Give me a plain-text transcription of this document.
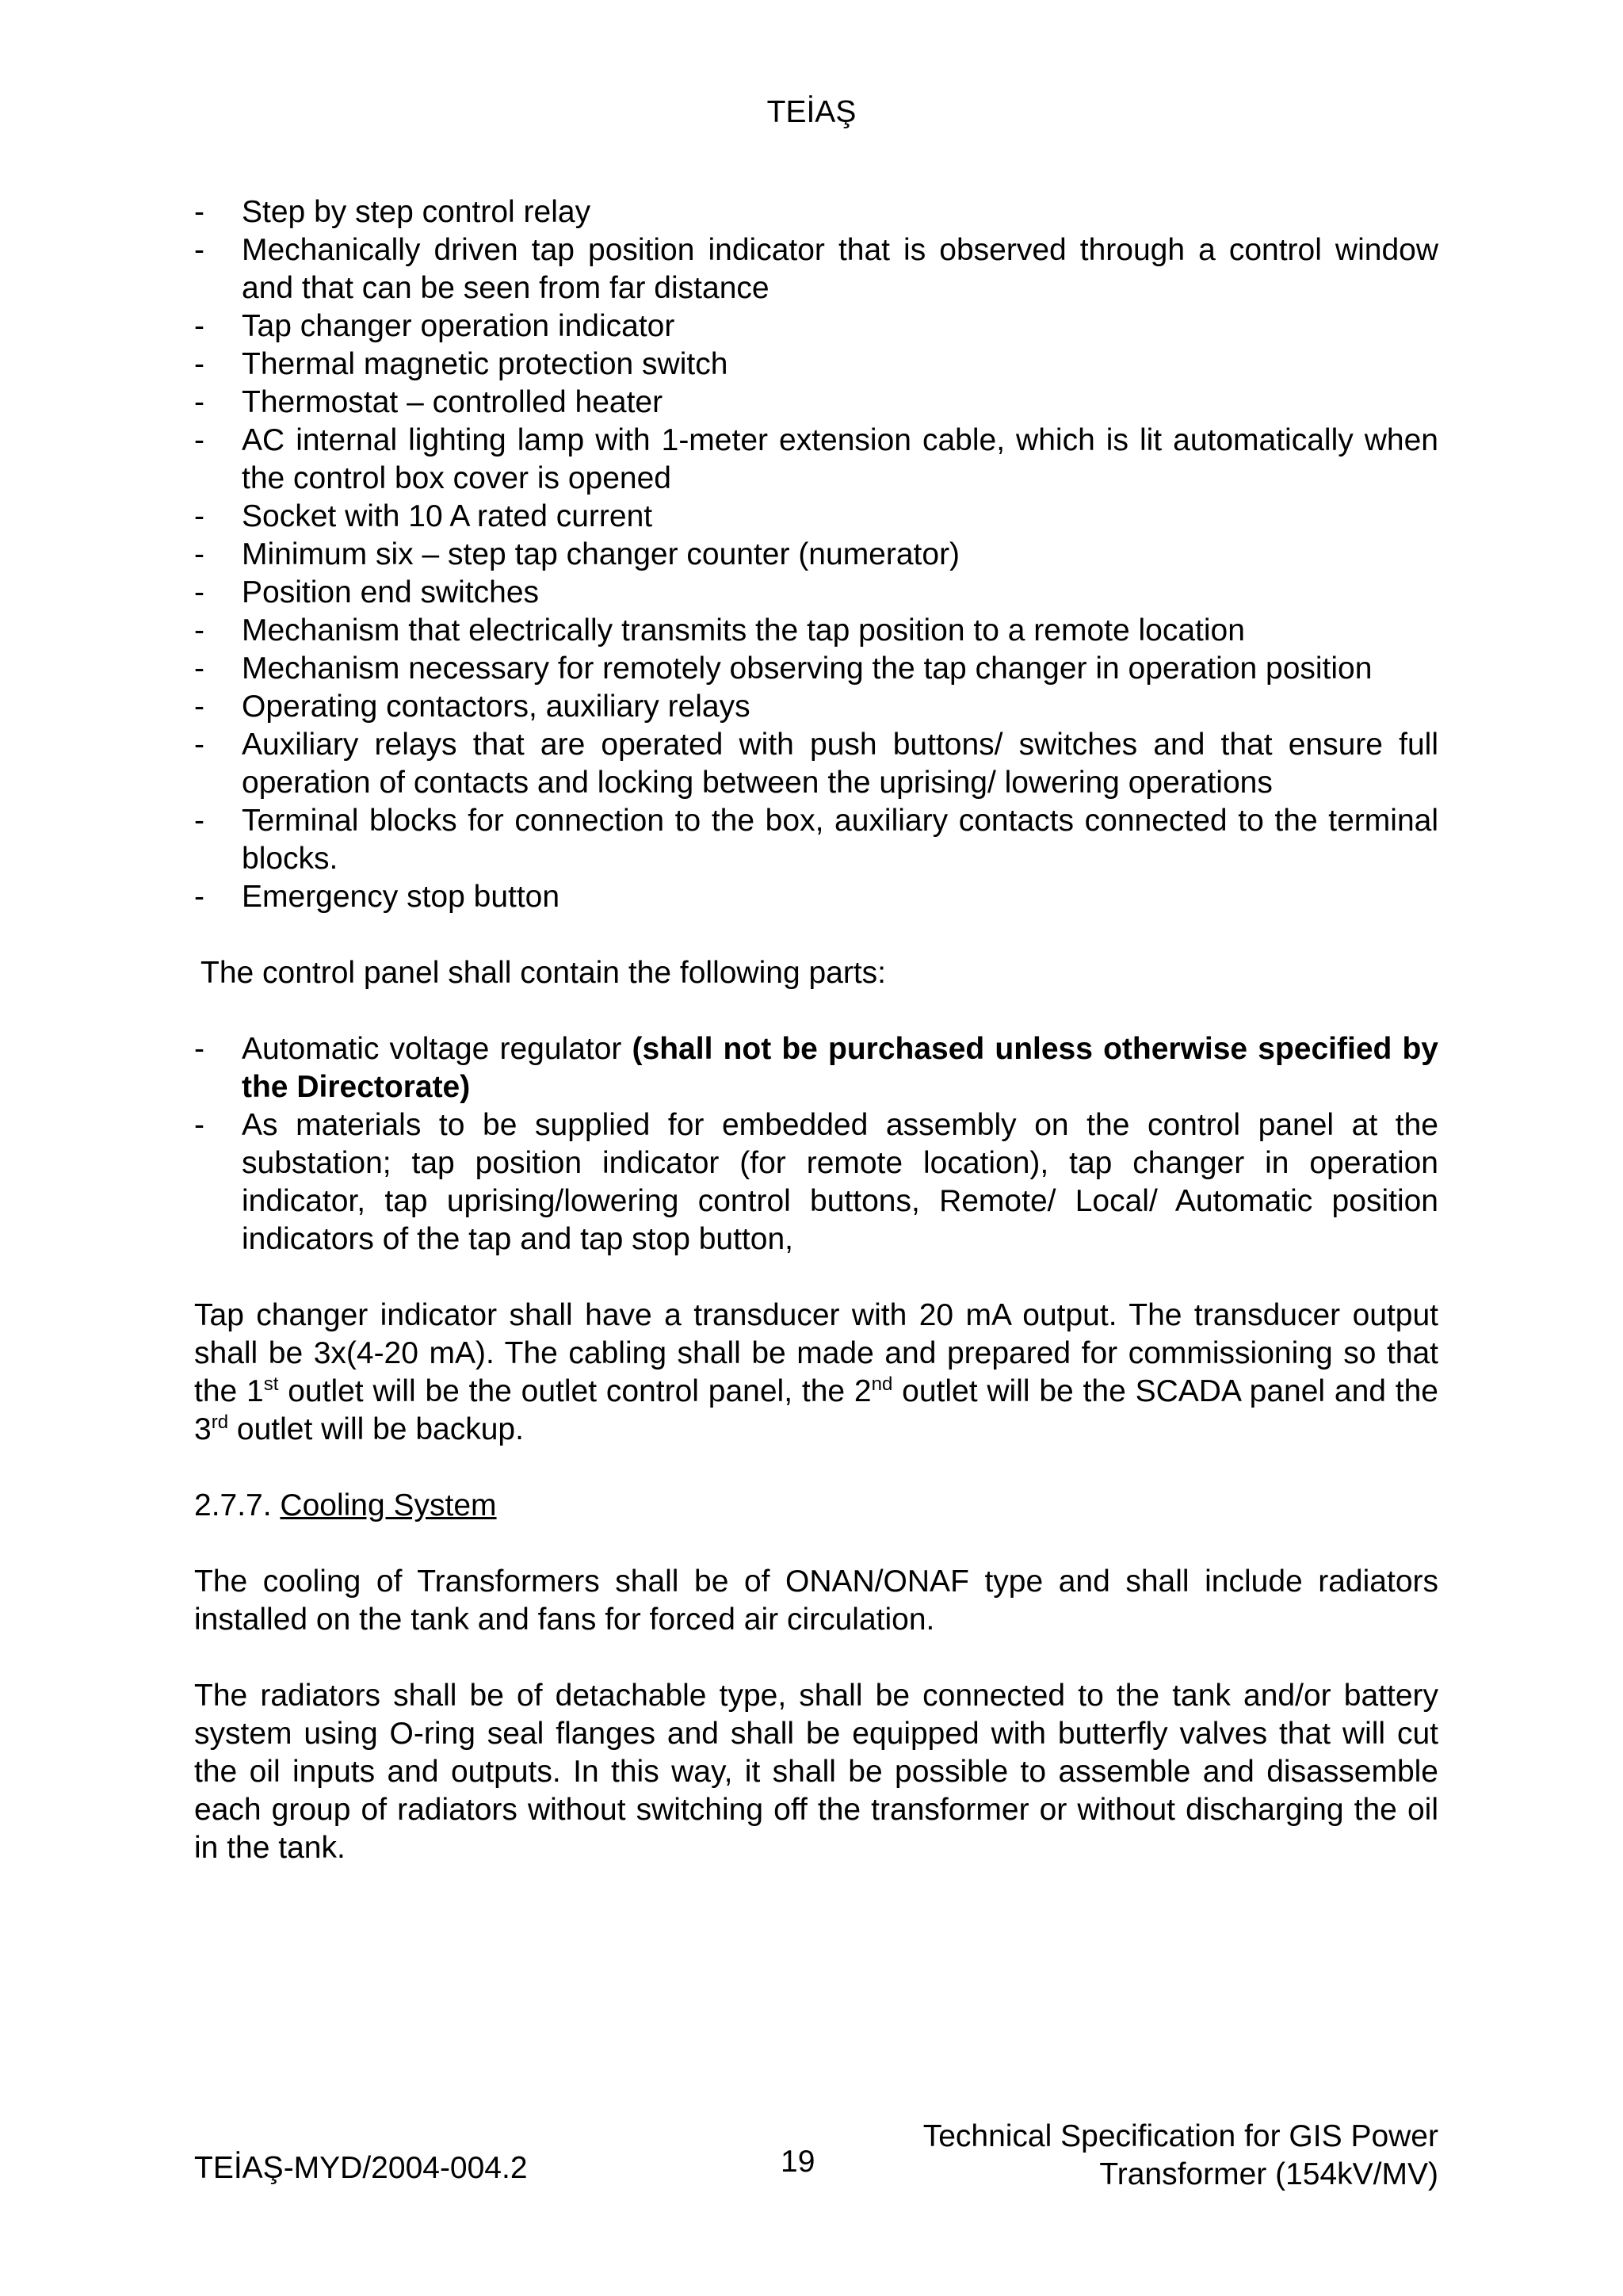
TEİAŞ
- Step by step control relay
- Mechanically driven tap position indicator that is observed through a control window and that can be seen from far distance
- Tap changer operation indicator
- Thermal magnetic protection switch
- Thermostat – controlled heater
- AC internal lighting lamp with 1-meter extension cable, which is lit automatically when the control box cover is opened
- Socket with 10 A rated current
- Minimum six – step tap changer counter (numerator)
- Position end switches
- Mechanism that electrically transmits the tap position to a remote location
- Mechanism necessary for remotely observing the tap changer in operation position
- Operating contactors, auxiliary relays
- Auxiliary relays that are operated with push buttons/ switches and that ensure full operation of contacts and locking between the uprising/ lowering operations
- Terminal blocks for connection to the box, auxiliary contacts connected to the terminal blocks.
- Emergency stop button

The control panel shall contain the following parts:

- Automatic voltage regulator (shall not be purchased unless otherwise specified by the Directorate)
- As materials to be supplied for embedded assembly on the control panel at the substation; tap position indicator (for remote location), tap changer in operation indicator, tap uprising/lowering control buttons, Remote/ Local/ Automatic position indicators of the tap and tap stop button,

Tap changer indicator shall have a transducer with 20 mA output. The transducer output shall be 3x(4-20 mA). The cabling shall be made and prepared for commissioning so that the 1st outlet will be the outlet control panel, the 2nd outlet will be the SCADA panel and the 3rd outlet will be backup.

2.7.7. Cooling System

The cooling of Transformers shall be of ONAN/ONAF type and shall include radiators installed on the tank and fans for forced air circulation.

The radiators shall be of detachable type, shall be connected to the tank and/or battery system using O-ring seal flanges and shall be equipped with butterfly valves that will cut the oil inputs and outputs. In this way, it shall be possible to assemble and disassemble each group of radiators without switching off the transformer or without discharging the oil in the tank.

TEİAŞ-MYD/2004-004.2	19
Technical Specification for GIS Power
Transformer (154kV/MV)
